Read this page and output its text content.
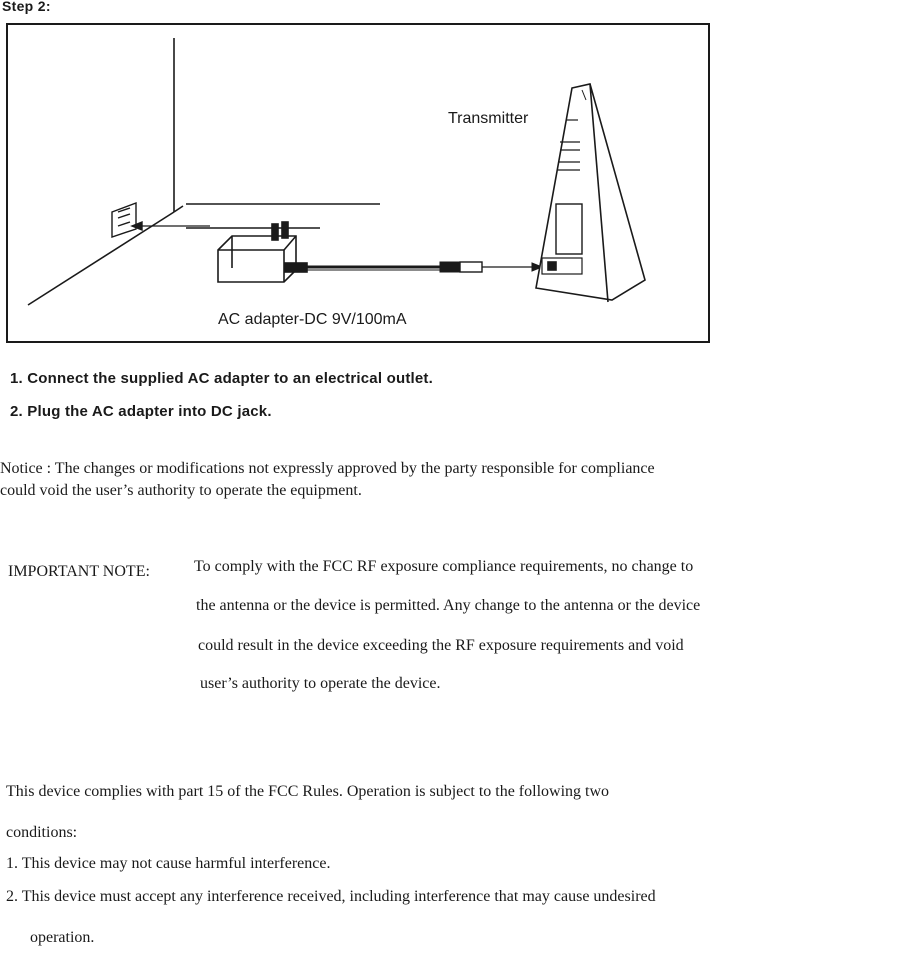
Step 2:
Transmitter
AC adapter-DC 9V/100mA
1. Connect the supplied AC adapter to an electrical outlet.
2. Plug the AC adapter into DC jack.
Notice : The changes or modifications not expressly approved by the party responsible for compliance
could void the user’s authority to operate the equipment.
IMPORTANT NOTE:	To comply with the FCC RF exposure compliance requirements, no change to
the antenna or the device is permitted. Any change to the antenna or the device
could result in the device exceeding the RF exposure requirements and void
user’s authority to operate the device.
This device complies with part 15 of the FCC Rules. Operation is subject to the following two
conditions:
1. This device may not cause harmful interference.
2. This device must accept any interference received, including interference that may cause undesired
operation.
